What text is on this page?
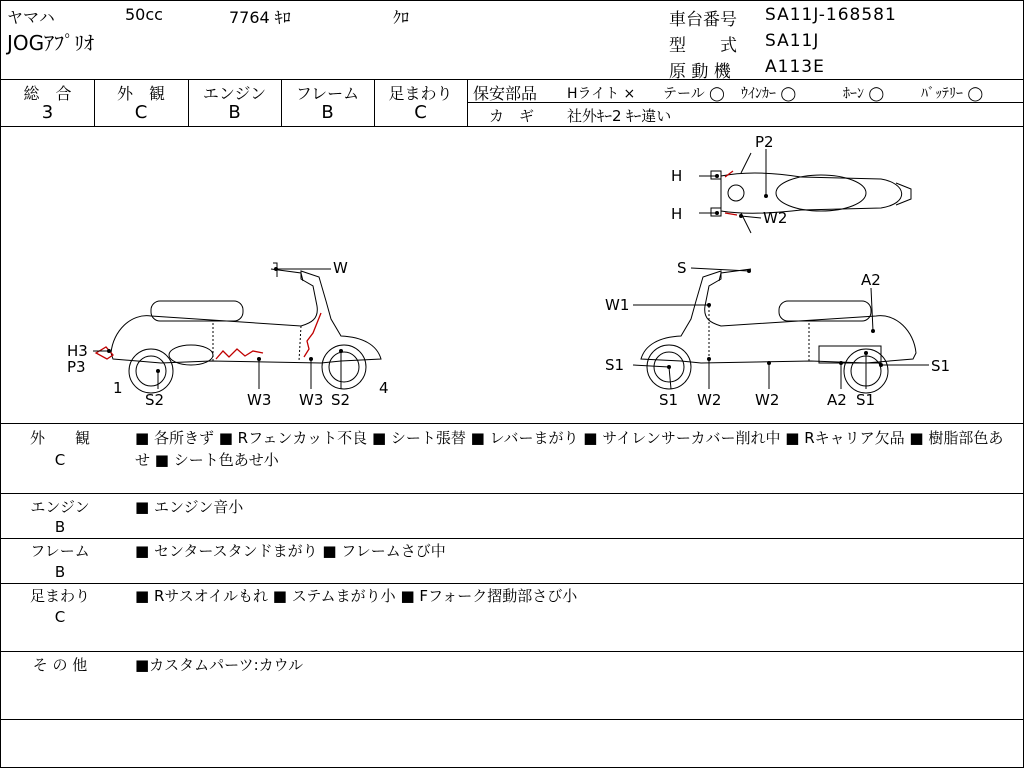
ヤマハ	50cc	7764 ｷﾛ	ｸﾛ
JOGｱﾌﾟﾘｵ
車台番号 SA11J-168581
型　　式 SA11J
原 動 機 A113E
総　合
3
外　観
C
エンジン
B
フレーム
B
足まわり
C
保安部品 Hライト × テール ◯ ｳｲﾝｶｰ ◯	ﾎｰﾝ ◯	ﾊﾞｯﾃﾘｰ ◯
カ　ギ 社外ｷｰ2 ｷｰ違い
W
H3
P3
1
S2	W3 W3 S2
4
P2
H
H	W2
S
A2
W1
S1	S1
S1 W2 W2	A2 S1
外　　観
C
■ 各所きず ■ Rフェンカット不良 ■ シート張替 ■ レバーまがり ■ サイレンサーカバー削れ中 ■ Rキャリア欠品 ■ 樹脂部色あせ ■ シート色あせ小
エンジン
B
■ エンジン音小
フレーム
B
■ センタースタンドまがり ■ フレームさび中
足まわり
C
■ Rサスオイルもれ ■ ステムまがり小 ■ Fフォーク摺動部さび小
そ の 他	■カスタムパーツ:カウル
